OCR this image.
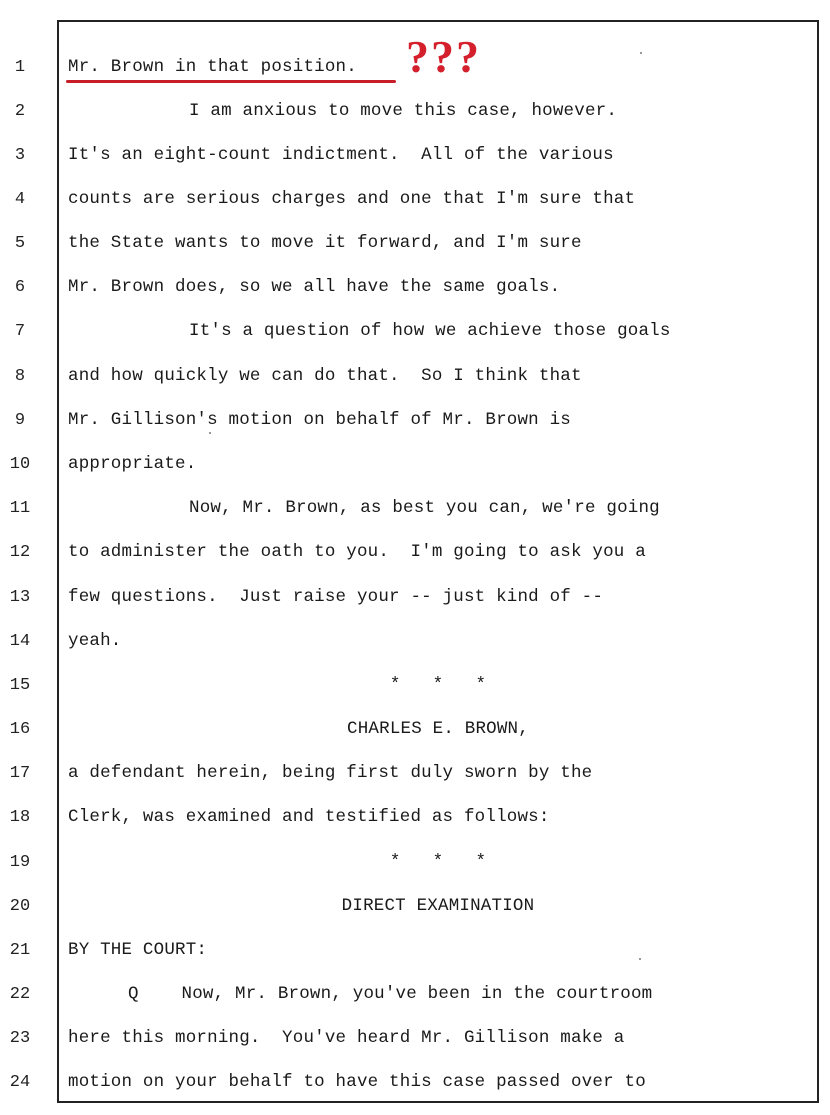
1
2
3
4
5
6
7
8
9
10
11
12
13
14
15
16
17
18
19
20
21
22
23
24
Mr. Brown in that position.
I am anxious to move this case, however.
It's an eight-count indictment.  All of the various
counts are serious charges and one that I'm sure that
the State wants to move it forward, and I'm sure
Mr. Brown does, so we all have the same goals.
It's a question of how we achieve those goals
and how quickly we can do that.  So I think that
Mr. Gillison's motion on behalf of Mr. Brown is
appropriate.
Now, Mr. Brown, as best you can, we're going
to administer the oath to you.  I'm going to ask you a
few questions.  Just raise your -- just kind of --
yeah.
*   *   *
CHARLES E. BROWN,
a defendant herein, being first duly sworn by the
Clerk, was examined and testified as follows:
*   *   *
DIRECT EXAMINATION
BY THE COURT:
Q    Now, Mr. Brown, you've been in the courtroom
here this morning.  You've heard Mr. Gillison make a
motion on your behalf to have this case passed over to
???
